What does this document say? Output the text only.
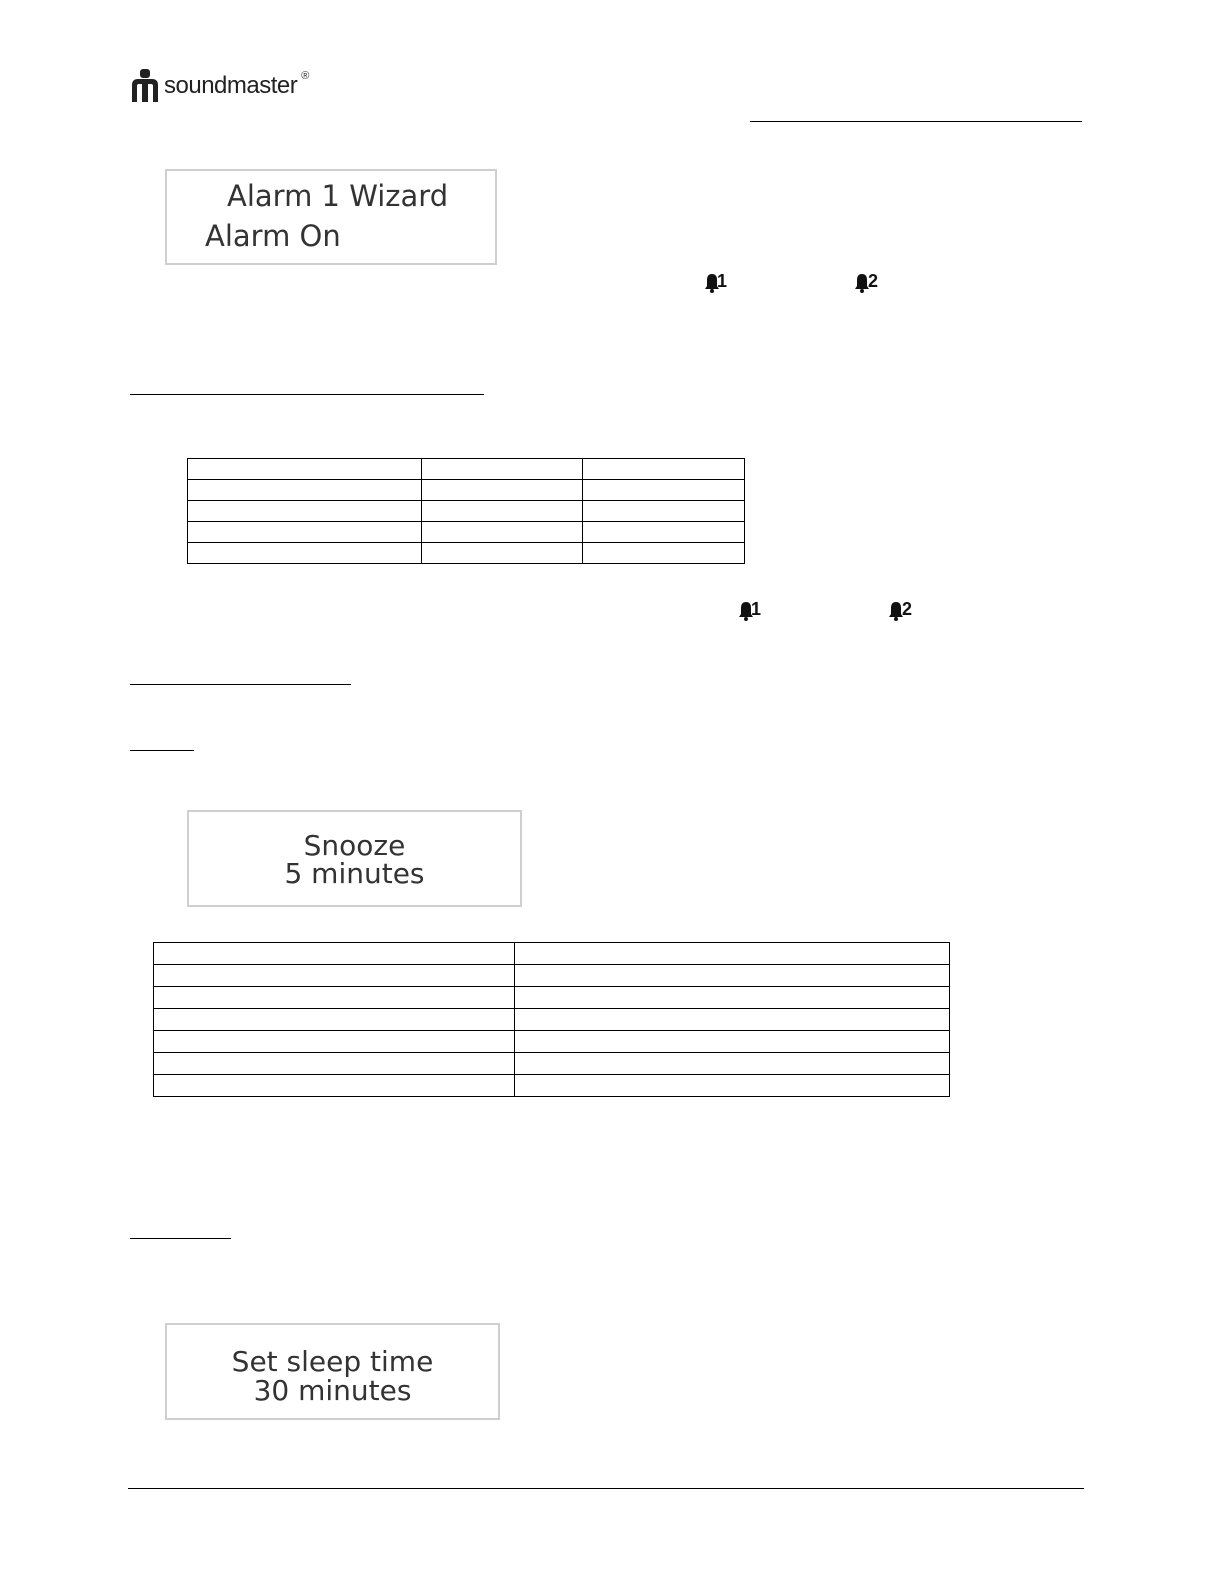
soundmaster ®
Alarm 1 Wizard
Alarm On
1	2

1	2
Snooze
5 minutes

Set sleep time
30 minutes
